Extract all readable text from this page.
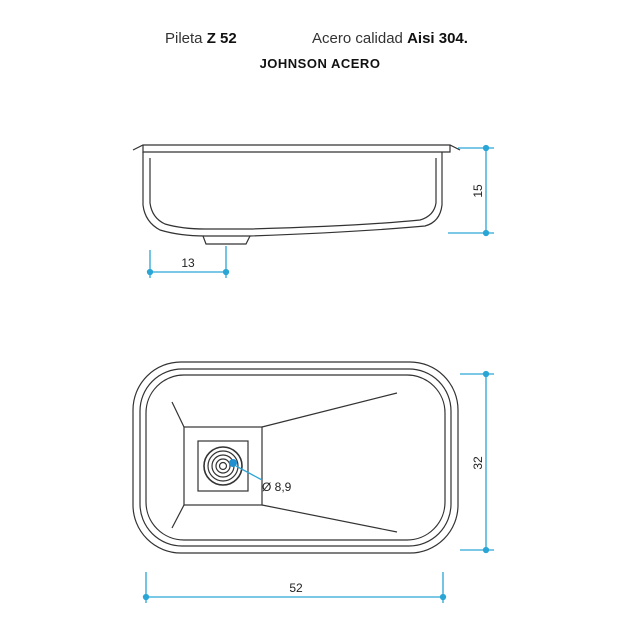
Pileta Z 52	Acero calidad Aisi 304.
JOHNSON ACERO
15
13
Ø 8,9
32
52
